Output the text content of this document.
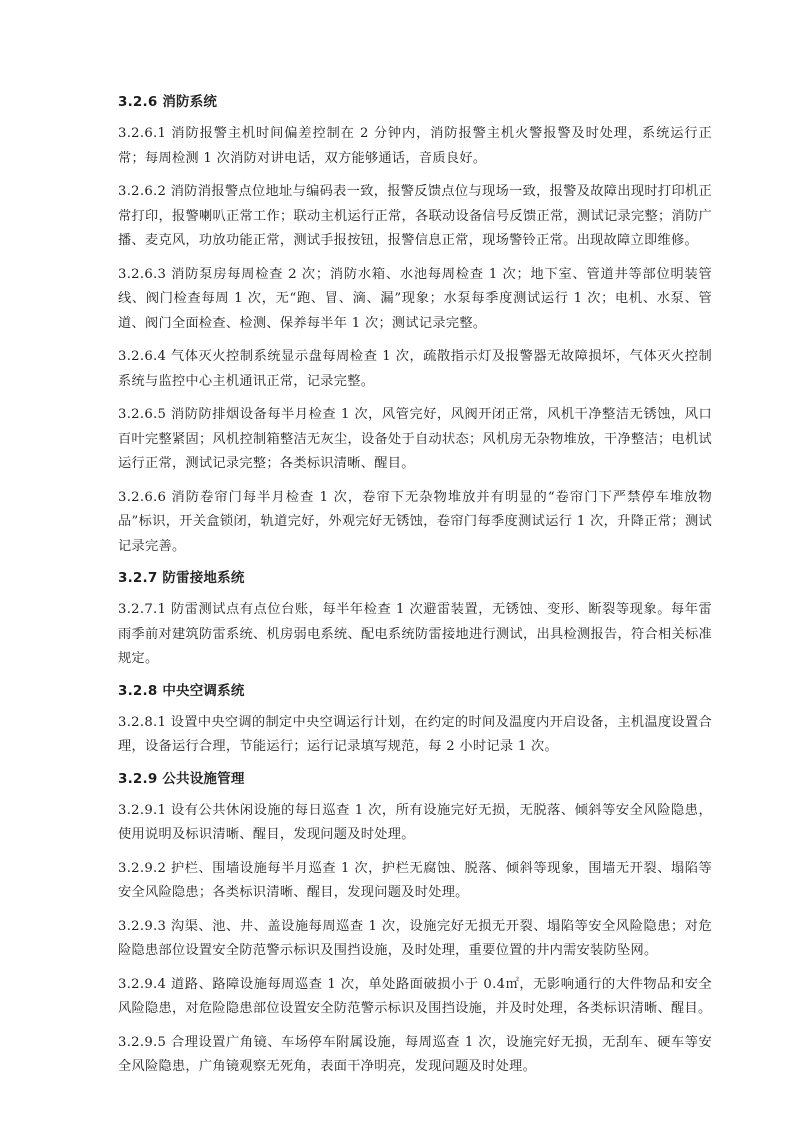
3.2.6 消防系统

3.2.6.1 消防报警主机时间偏差控制在 2 分钟内，消防报警主机火警报警及时处理，系统运行正常；每周检测 1 次消防对讲电话，双方能够通话，音质良好。

3.2.6.2 消防消报警点位地址与编码表一致，报警反馈点位与现场一致，报警及故障出现时打印机正常打印，报警喇叭正常工作；联动主机运行正常，各联动设备信号反馈正常，测试记录完整；消防广播、麦克风，功放功能正常，测试手报按钮，报警信息正常，现场警铃正常。出现故障立即维修。

3.2.6.3 消防泵房每周检查 2 次；消防水箱、水池每周检查 1 次；地下室、管道井等部位明装管线、阀门检查每周 1 次，无“跑、冒、滴、漏”现象；水泵每季度测试运行 1 次；电机、水泵、管道、阀门全面检查、检测、保养每半年 1 次；测试记录完整。

3.2.6.4 气体灭火控制系统显示盘每周检查 1 次，疏散指示灯及报警器无故障损坏，气体灭火控制系统与监控中心主机通讯正常，记录完整。

3.2.6.5 消防防排烟设备每半月检查 1 次，风管完好，风阀开闭正常，风机干净整洁无锈蚀，风口百叶完整紧固；风机控制箱整洁无灰尘，设备处于自动状态；风机房无杂物堆放，干净整洁；电机试运行正常，测试记录完整；各类标识清晰、醒目。

3.2.6.6 消防卷帘门每半月检查 1 次，卷帘下无杂物堆放并有明显的“卷帘门下严禁停车堆放物品”标识，开关盒锁闭，轨道完好，外观完好无锈蚀，卷帘门每季度测试运行 1 次，升降正常；测试记录完善。

3.2.7 防雷接地系统

3.2.7.1 防雷测试点有点位台账，每半年检查 1 次避雷装置，无锈蚀、变形、断裂等现象。每年雷雨季前对建筑防雷系统、机房弱电系统、配电系统防雷接地进行测试，出具检测报告，符合相关标准规定。

3.2.8 中央空调系统

3.2.8.1 设置中央空调的制定中央空调运行计划，在约定的时间及温度内开启设备，主机温度设置合理，设备运行合理，节能运行；运行记录填写规范，每 2 小时记录 1 次。

3.2.9 公共设施管理

3.2.9.1 设有公共休闲设施的每日巡查 1 次，所有设施完好无损，无脱落、倾斜等安全风险隐患，使用说明及标识清晰、醒目，发现问题及时处理。

3.2.9.2 护栏、围墙设施每半月巡查 1 次，护栏无腐蚀、脱落、倾斜等现象，围墙无开裂、塌陷等安全风险隐患；各类标识清晰、醒目，发现问题及时处理。

3.2.9.3 沟渠、池、井、盖设施每周巡查 1 次，设施完好无损无开裂、塌陷等安全风险隐患；对危险隐患部位设置安全防范警示标识及围挡设施，及时处理，重要位置的井内需安装防坠网。

3.2.9.4 道路、路障设施每周巡查 1 次，单处路面破损小于 0.4㎡，无影响通行的大件物品和安全风险隐患，对危险隐患部位设置安全防范警示标识及围挡设施，并及时处理，各类标识清晰、醒目。

3.2.9.5 合理设置广角镜、车场停车附属设施，每周巡查 1 次，设施完好无损，无刮车、硬车等安全风险隐患，广角镜观察无死角，表面干净明亮，发现问题及时处理。
